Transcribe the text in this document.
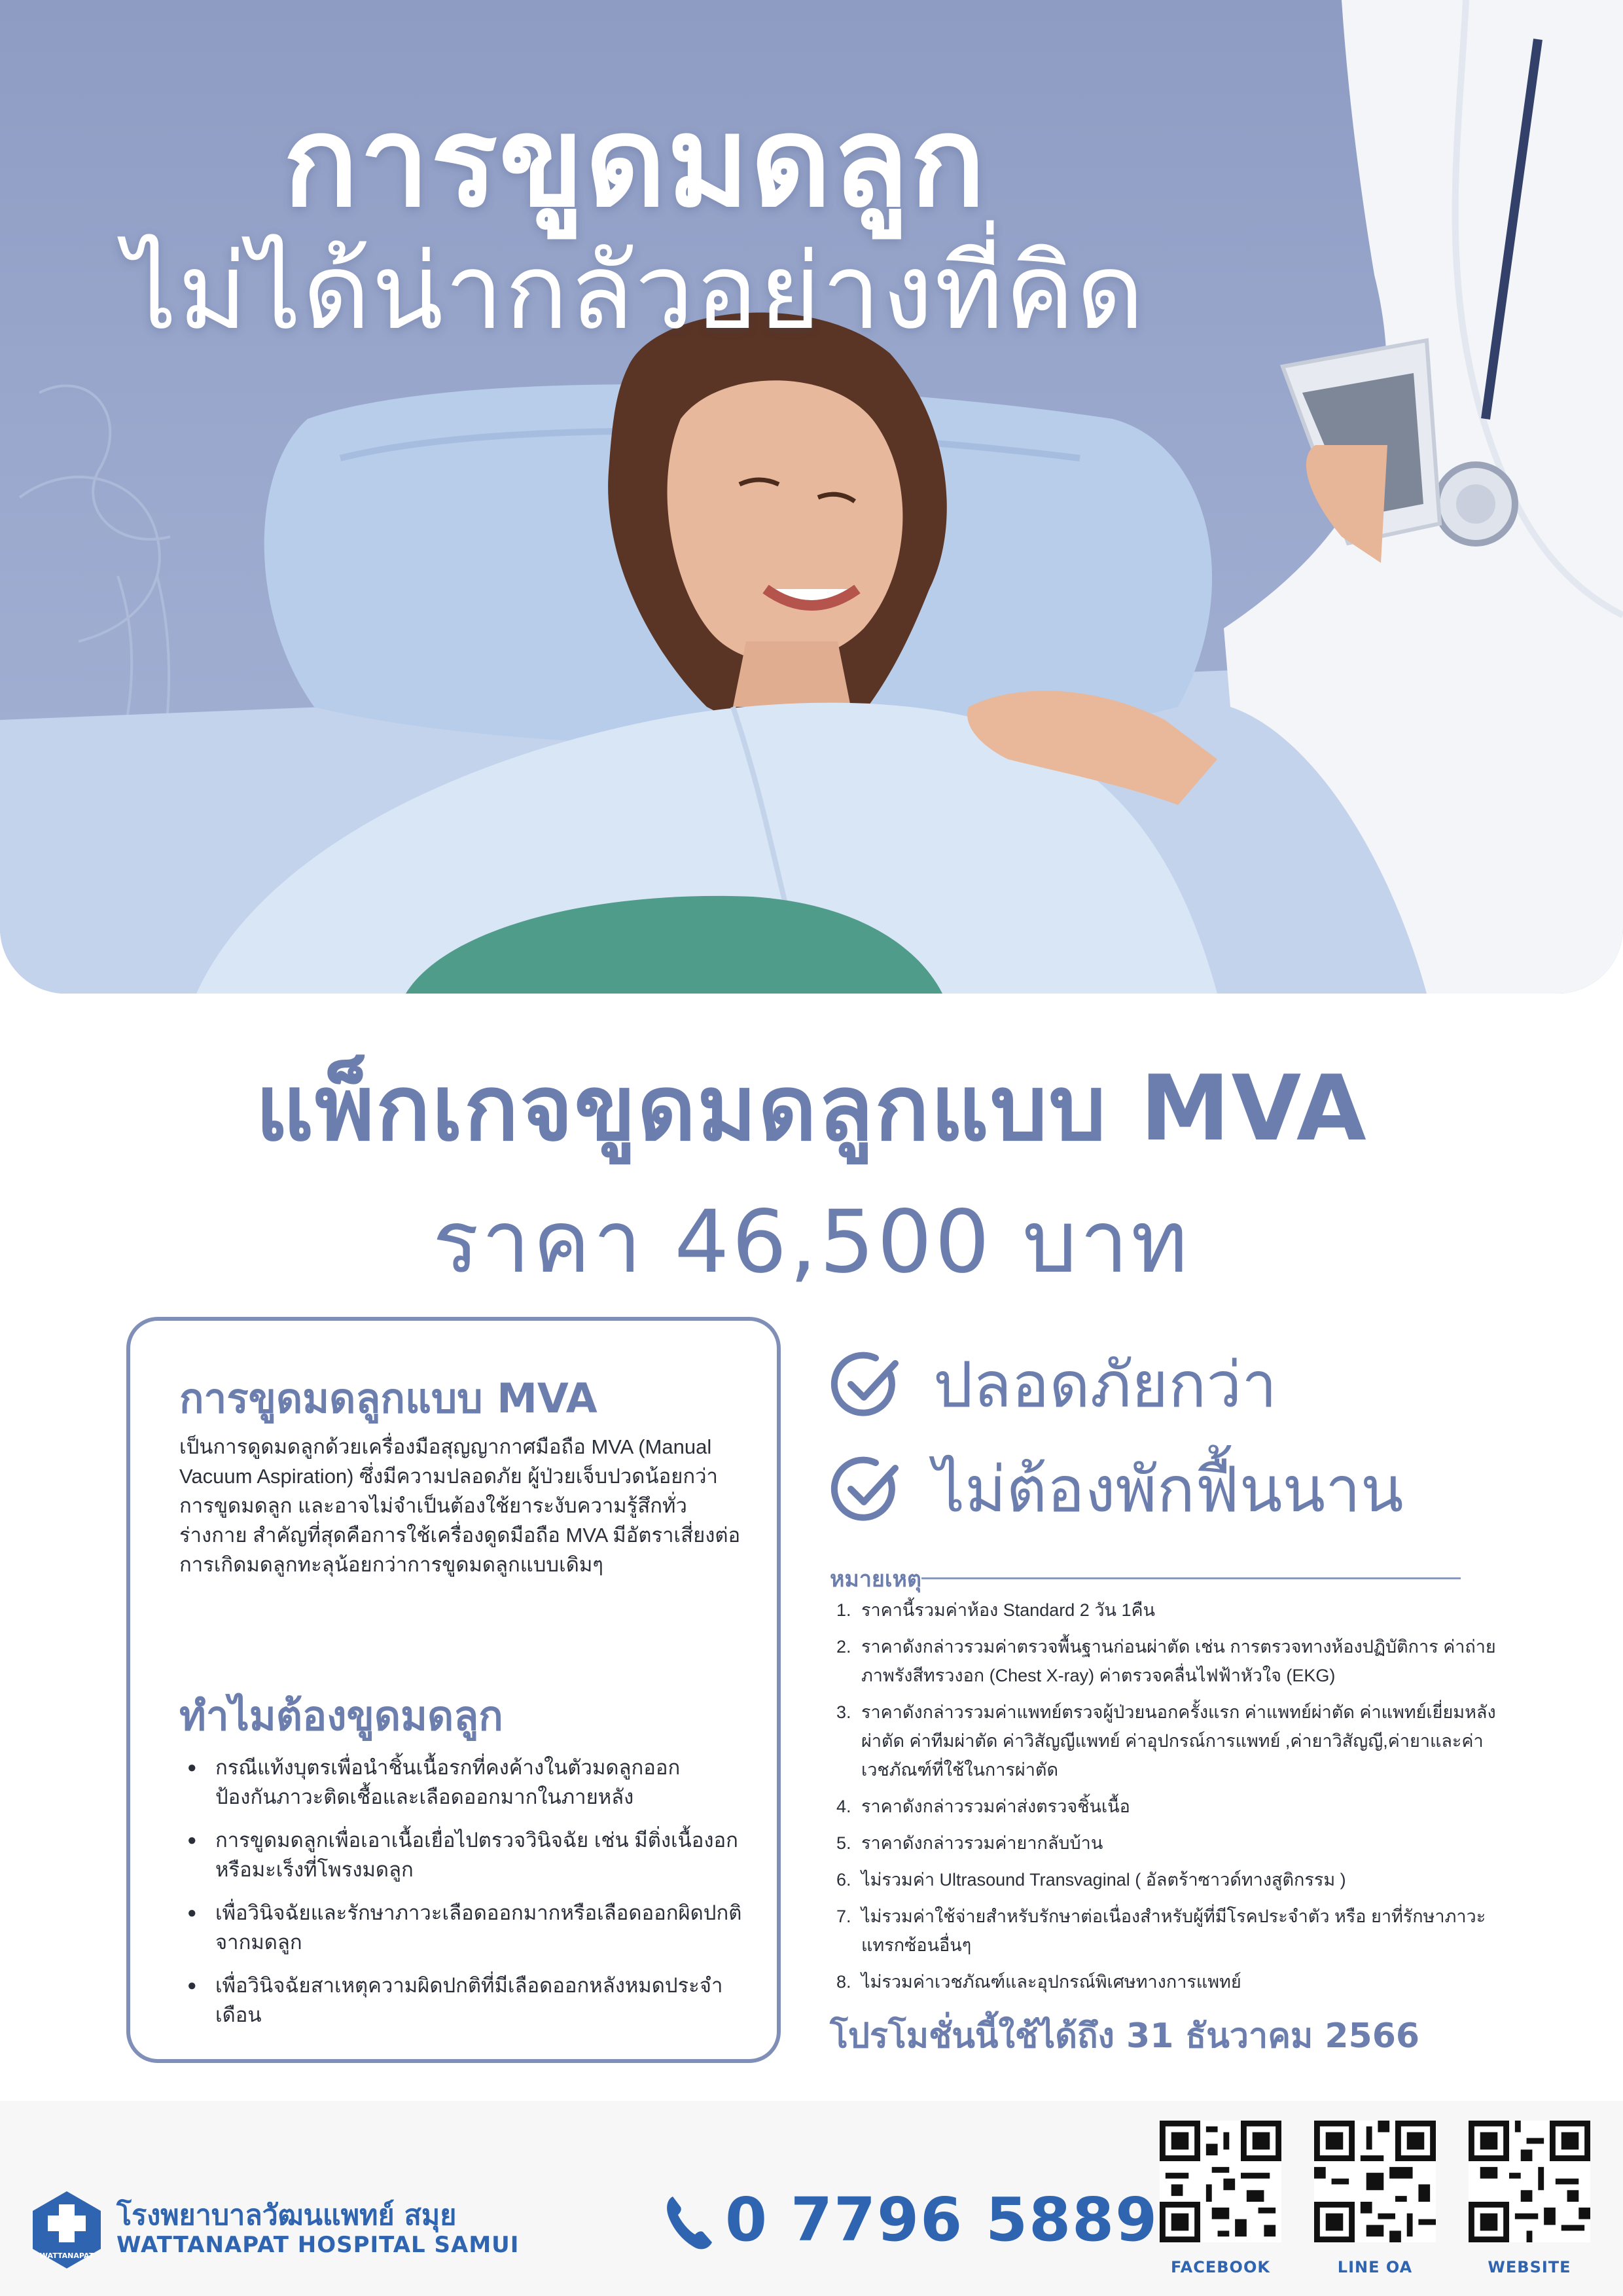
การขูดมดลูก
ไม่ได้น่ากลัวอย่างที่คิด
แพ็กเกจขูดมดลูกแบบ MVA
ราคา 46,500 บาท
การขูดมดลูกแบบ MVA
เป็นการดูดมดลูกด้วยเครื่องมือสุญญากาศมือถือ MVA (Manual Vacuum Aspiration) ซึ่งมีความปลอดภัย ผู้ป่วยเจ็บปวดน้อยกว่าการขูดมดลูก และอาจไม่จำเป็นต้องใช้ยาระงับความรู้สึกทั่วร่างกาย สำคัญที่สุดคือการใช้เครื่องดูดมือถือ MVA มีอัตราเสี่ยงต่อการเกิดมดลูกทะลุน้อยกว่าการขูดมดลูกแบบเดิมๆ
ทำไมต้องขูดมดลูก
● กรณีแท้งบุตรเพื่อนำชิ้นเนื้อรกที่คงค้างในตัวมดลูกออก ป้องกันภาวะติดเชื้อและเลือดออกมากในภายหลัง
● การขูดมดลูกเพื่อเอาเนื้อเยื่อไปตรวจวินิจฉัย เช่น มีติ่งเนื้องอกหรือมะเร็งที่โพรงมดลูก
● เพื่อวินิจฉัยและรักษาภาวะเลือดออกมากหรือเลือดออกผิดปกติจากมดลูก
● เพื่อวินิจฉัยสาเหตุความผิดปกติที่มีเลือดออกหลังหมดประจำเดือน
ปลอดภัยกว่า
ไม่ต้องพักฟื้นนาน
หมายเหตุ
1. ราคานี้รวมค่าห้อง Standard 2 วัน 1คืน
2. ราคาดังกล่าวรวมค่าตรวจพื้นฐานก่อนผ่าตัด เช่น การตรวจทางห้องปฏิบัติการ ค่าถ่ายภาพรังสีทรวงอก (Chest X-ray) ค่าตรวจคลื่นไฟฟ้าหัวใจ (EKG)
3. ราคาดังกล่าวรวมค่าแพทย์ตรวจผู้ป่วยนอกครั้งแรก ค่าแพทย์ผ่าตัด ค่าแพทย์เยี่ยมหลังผ่าตัด ค่าทีมผ่าตัด ค่าวิสัญญีแพทย์ ค่าอุปกรณ์การแพทย์ ,ค่ายาวิสัญญี,ค่ายาและค่าเวชภัณฑ์ที่ใช้ในการผ่าตัด
4. ราคาดังกล่าวรวมค่าส่งตรวจชิ้นเนื้อ
5. ราคาดังกล่าวรวมค่ายากลับบ้าน
6. ไม่รวมค่า Ultrasound Transvaginal ( อัลตร้าซาวด์ทางสูติกรรม )
7. ไม่รวมค่าใช้จ่ายสำหรับรักษาต่อเนื่องสำหรับผู้ที่มีโรคประจำตัว หรือ ยาที่รักษาภาวะแทรกซ้อนอื่นๆ
8. ไม่รวมค่าเวชภัณฑ์และอุปกรณ์พิเศษทางการแพทย์
โปรโมชั่นนี้ใช้ได้ถึง 31 ธันวาคม 2566
WATTANAPAT
โรงพยาบาลวัฒนแพทย์ สมุย
WATTANAPAT HOSPITAL SAMUI	0 7796 5889
FACEBOOK	LINE OA	WEBSITE
